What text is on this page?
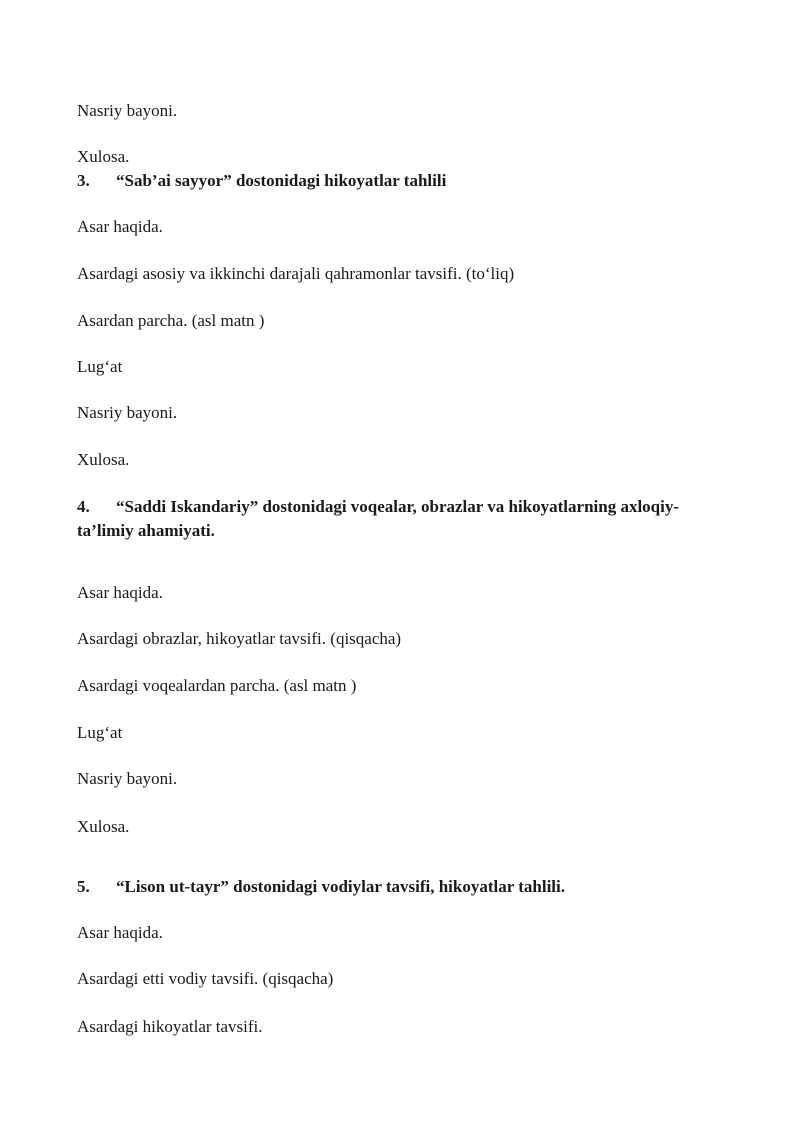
Nasriy bayoni.
Xulosa.
3. “Sab’ai sayyor” dostonidagi hikoyatlar tahlili
Asar haqida.
Asardagi asosiy va ikkinchi darajali qahramonlar tavsifi. (to‘liq)
Asardan parcha. (asl matn )
Lug‘at
Nasriy bayoni.
Xulosa.
4. “Saddi Iskandariy” dostonidagi voqealar, obrazlar va hikoyatlarning axloqiy-
ta’limiy ahamiyati.
Asar haqida.
Asardagi obrazlar, hikoyatlar tavsifi. (qisqacha)
Asardagi voqealardan parcha. (asl matn )
Lug‘at
Nasriy bayoni.
Xulosa.
5. “Lison ut-tayr” dostonidagi vodiylar tavsifi, hikoyatlar tahlili.
Asar haqida.
Asardagi etti vodiy tavsifi. (qisqacha)
Asardagi hikoyatlar tavsifi.
